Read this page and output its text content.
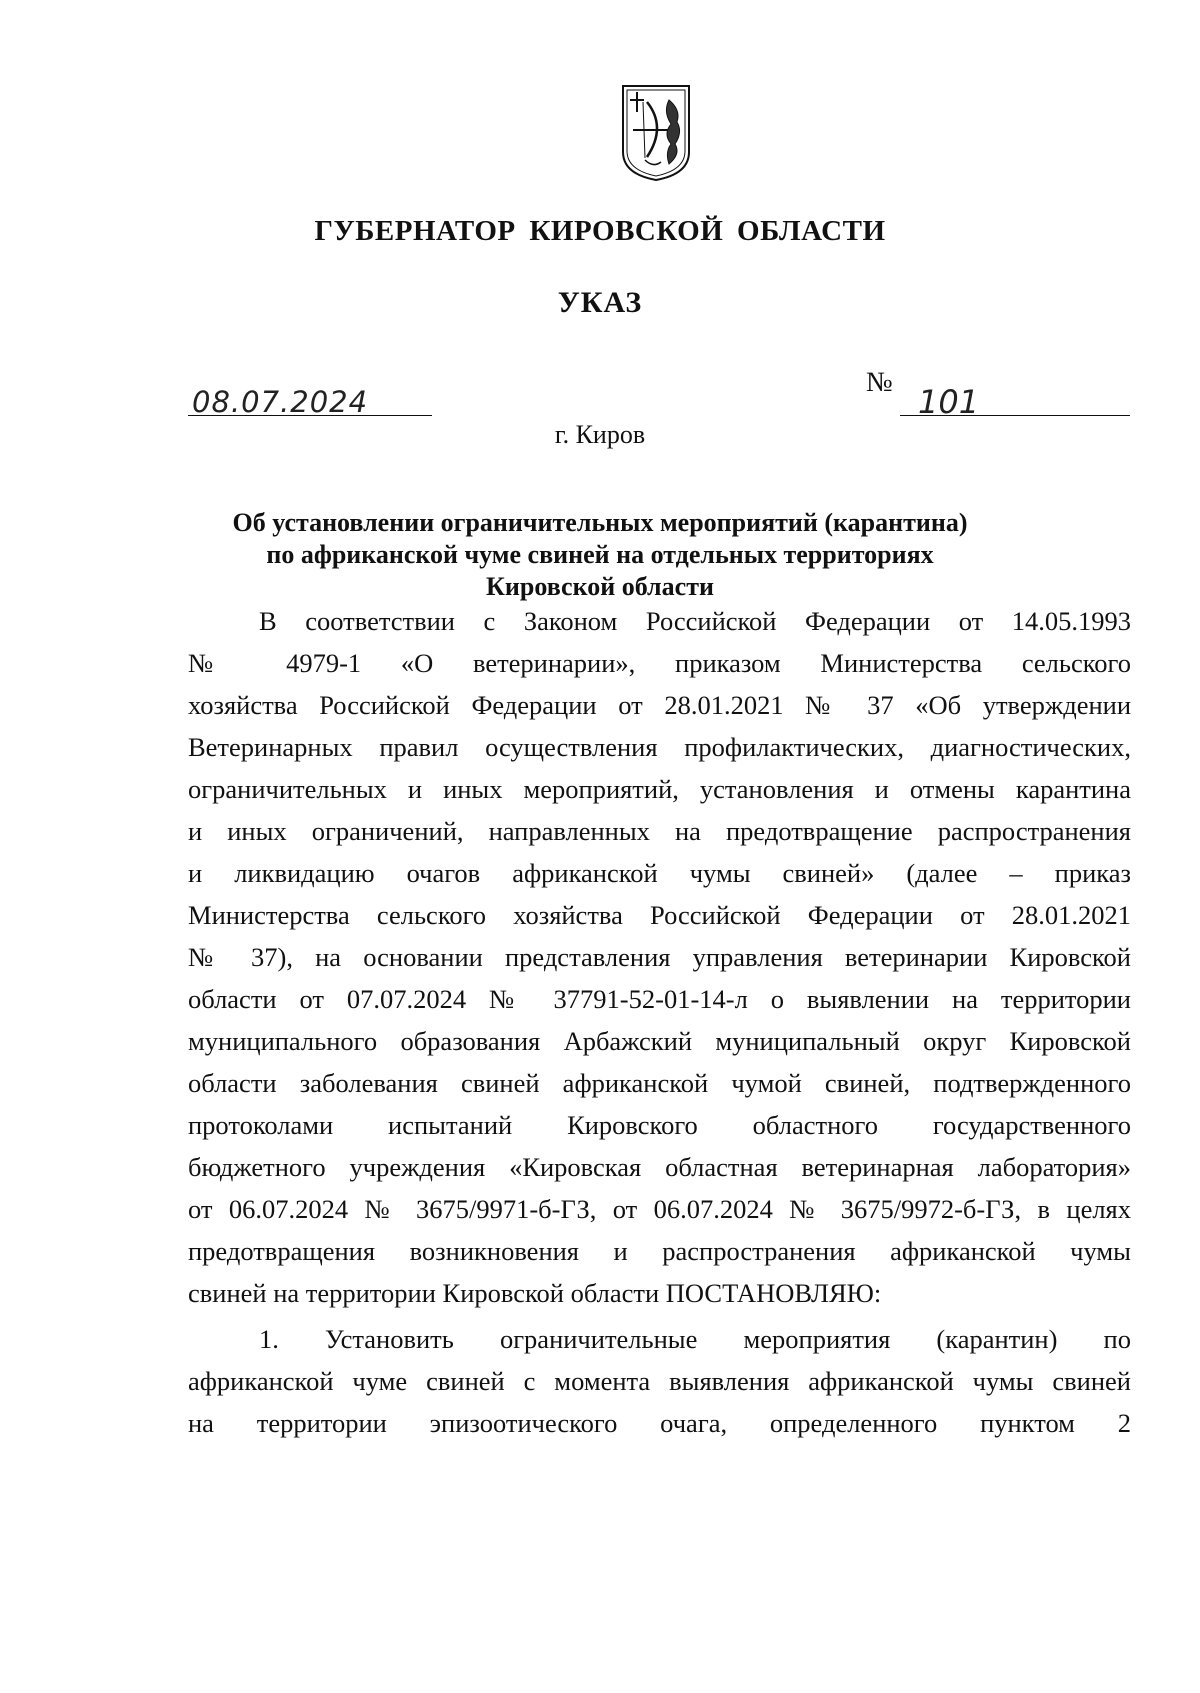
ГУБЕРНАТОР КИРОВСКОЙ ОБЛАСТИ
УКАЗ
08.07.2024
№
101
г. Киров
Об установлении ограничительных мероприятий (карантина)
по африканской чуме свиней на отдельных территориях
Кировской области
В соответствии с Законом Российской Федерации от 14.05.1993
№ 4979-1 «О ветеринарии», приказом Министерства сельского
хозяйства Российской Федерации от 28.01.2021 № 37 «Об утверждении
Ветеринарных правил осуществления профилактических, диагностических,
ограничительных и иных мероприятий, установления и отмены карантина
и иных ограничений, направленных на предотвращение распространения
и ликвидацию очагов африканской чумы свиней» (далее – приказ
Министерства сельского хозяйства Российской Федерации от 28.01.2021
№ 37), на основании представления управления ветеринарии Кировской
области от 07.07.2024 № 37791-52-01-14-л о выявлении на территории
муниципального образования Арбажский муниципальный округ Кировской
области заболевания свиней африканской чумой свиней, подтвержденного
протоколами испытаний Кировского областного государственного
бюджетного учреждения «Кировская областная ветеринарная лаборатория»
от 06.07.2024 № 3675/9971-б-ГЗ, от 06.07.2024 № 3675/9972-б-ГЗ, в целях
предотвращения возникновения и распространения африканской чумы
свиней на территории Кировской области ПОСТАНОВЛЯЮ:
1. Установить ограничительные мероприятия (карантин) по
африканской чуме свиней с момента выявления африканской чумы свиней
на территории эпизоотического очага, определенного пунктом 2
